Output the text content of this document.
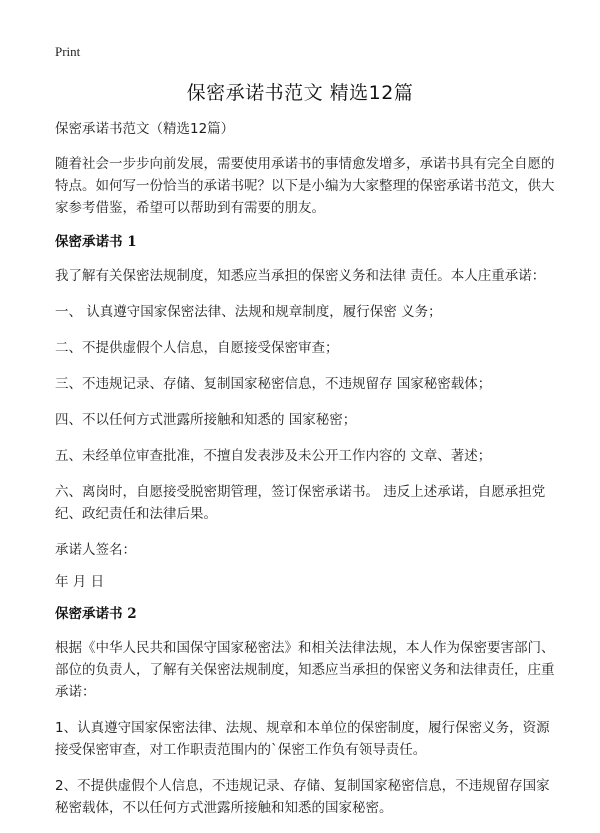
Print
保密承诺书范文 精选12篇

保密承诺书范文（精选12篇）

随着社会一步步向前发展，需要使用承诺书的事情愈发增多，承诺书具有完全自愿的特点。如何写一份恰当的承诺书呢？以下是小编为大家整理的保密承诺书范文，供大家参考借鉴，希望可以帮助到有需要的朋友。

保密承诺书 1

我了解有关保密法规制度，知悉应当承担的保密义务和法律 责任。本人庄重承诺：

一、 认真遵守国家保密法律、法规和规章制度，履行保密 义务；

二、不提供虚假个人信息，自愿接受保密审查；

三、不违规记录、存储、复制国家秘密信息，不违规留存 国家秘密载体；

四、不以任何方式泄露所接触和知悉的 国家秘密；

五、未经单位审查批准，不擅自发表涉及未公开工作内容的 文章、著述；

六、离岗时，自愿接受脱密期管理，签订保密承诺书。 违反上述承诺，自愿承担党纪、政纪责任和法律后果。

承诺人签名：

年 月 日

保密承诺书 2

根据《中华人民共和国保守国家秘密法》和相关法律法规，本人作为保密要害部门、部位的负责人，了解有关保密法规制度，知悉应当承担的保密义务和法律责任，庄重承诺：

1、认真遵守国家保密法律、法规、规章和本单位的保密制度，履行保密义务，资源接受保密审查，对工作职责范围内的`保密工作负有领导责任。

2、不提供虚假个人信息，不违规记录、存储、复制国家秘密信息，不违规留存国家秘密载体，不以任何方式泄露所接触和知悉的国家秘密。
